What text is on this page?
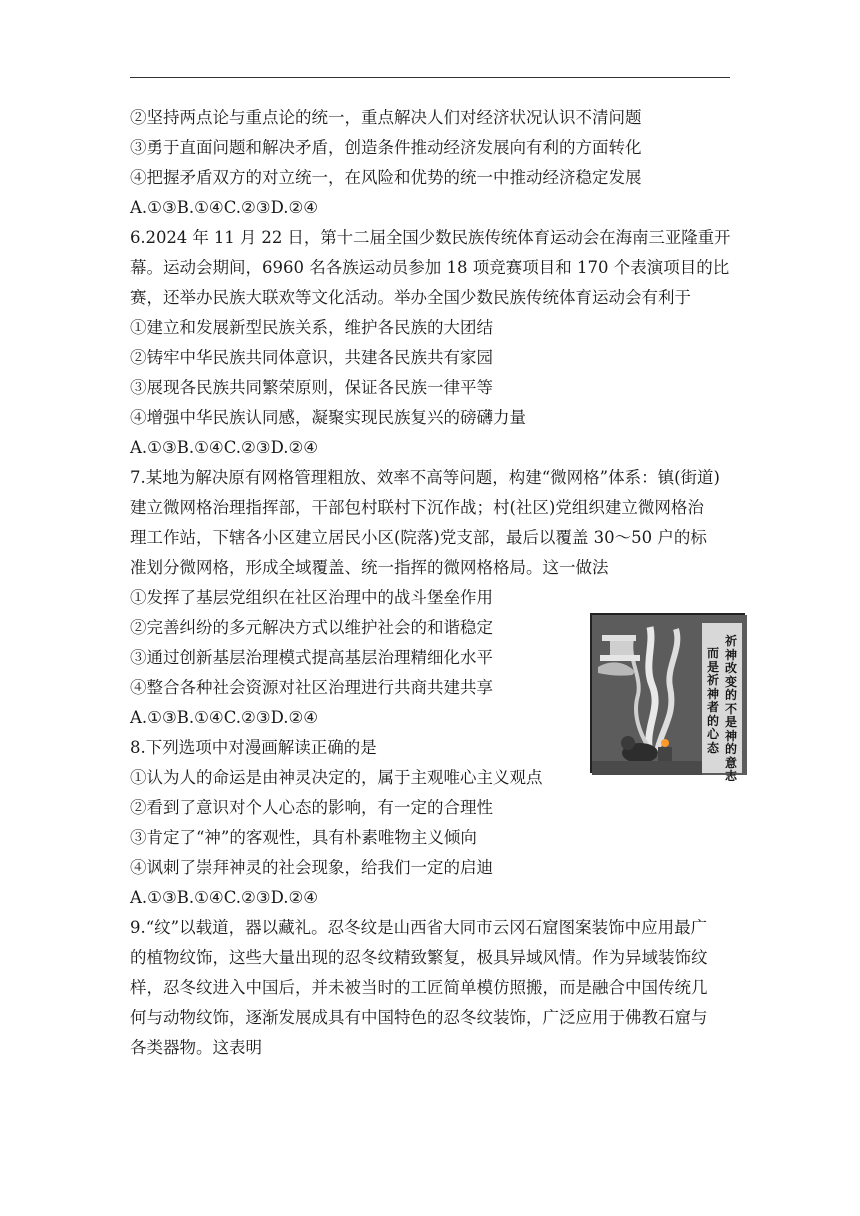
②坚持两点论与重点论的统一，重点解决人们对经济状况认识不清问题
③勇于直面问题和解决矛盾，创造条件推动经济发展向有利的方面转化
④把握矛盾双方的对立统一，在风险和优势的统一中推动经济稳定发展
A.①③B.①④C.②③D.②④
6.2024 年 11 月 22 日，第十二届全国少数民族传统体育运动会在海南三亚隆重开
幕。运动会期间，6960 名各族运动员参加 18 项竞赛项目和 170 个表演项目的比
赛，还举办民族大联欢等文化活动。举办全国少数民族传统体育运动会有利于
①建立和发展新型民族关系，维护各民族的大团结
②铸牢中华民族共同体意识，共建各民族共有家园
③展现各民族共同繁荣原则，保证各民族一律平等
④增强中华民族认同感，凝聚实现民族复兴的磅礴力量
A.①③B.①④C.②③D.②④
7.某地为解决原有网格管理粗放、效率不高等问题，构建“微网格”体系：镇(街道)
建立微网格治理指挥部，干部包村联村下沉作战；村(社区)党组织建立微网格治
理工作站，下辖各小区建立居民小区(院落)党支部，最后以覆盖 30～50 户的标
准划分微网格，形成全域覆盖、统一指挥的微网格格局。这一做法
①发挥了基层党组织在社区治理中的战斗堡垒作用
②完善纠纷的多元解决方式以维护社会的和谐稳定
③通过创新基层治理模式提高基层治理精细化水平
④整合各种社会资源对社区治理进行共商共建共享
A.①③B.①④C.②③D.②④
8.下列选项中对漫画解读正确的是
①认为人的命运是由神灵决定的，属于主观唯心主义观点
②看到了意识对个人心态的影响，有一定的合理性
③肯定了“神”的客观性，具有朴素唯物主义倾向
④讽刺了崇拜神灵的社会现象，给我们一定的启迪
A.①③B.①④C.②③D.②④
9.“纹”以载道，器以藏礼。忍冬纹是山西省大同市云冈石窟图案装饰中应用最广
的植物纹饰，这些大量出现的忍冬纹精致繁复，极具异域风情。作为异域装饰纹
样，忍冬纹进入中国后，并未被当时的工匠简单模仿照搬，而是融合中国传统几
何与动物纹饰，逐渐发展成具有中国特色的忍冬纹装饰，广泛应用于佛教石窟与
各类器物。这表明
祈神改变的不是神的意志
而是祈神者的心态
